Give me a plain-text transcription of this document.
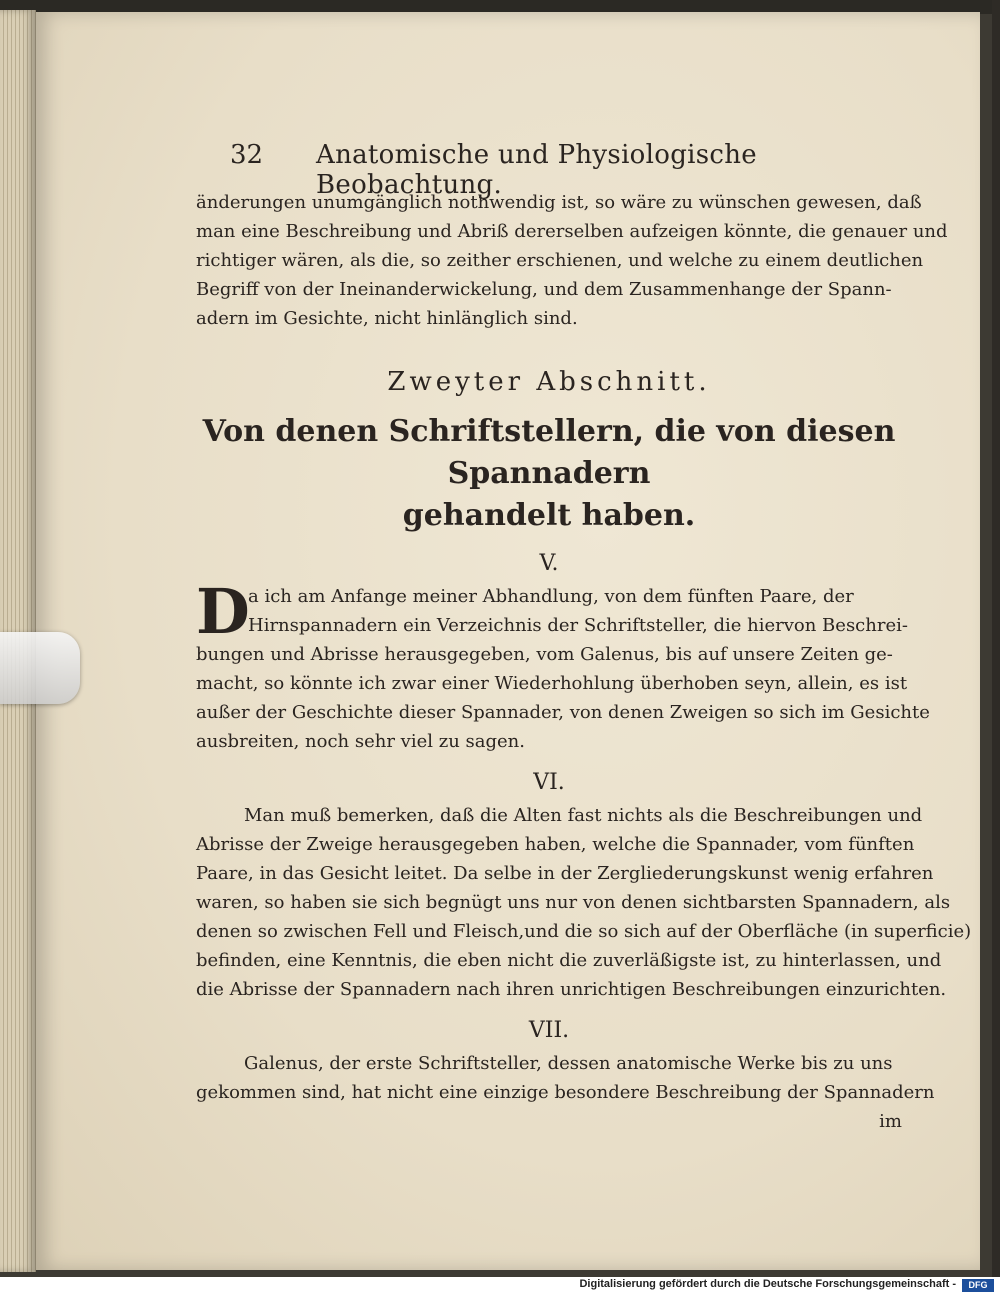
32 Anatomische und Physiologische Beobachtung.

änderungen unumgänglich nothwendig ist, so wäre zu wünschen gewesen, daß

man eine Beschreibung und Abriß dererselben aufzeigen könnte, die genauer und

richtiger wären, als die, so zeither erschienen, und welche zu einem deutlichen

Begriff von der Ineinanderwickelung, und dem Zusammenhange der Spann-

adern im Gesichte, nicht hinlänglich sind.

Zweyter Abschnitt.
Von denen Schriftstellern, die von diesen Spannadern
gehandelt haben.
V.
D

a ich am Anfange meiner Abhandlung, von dem fünften Paare, der

Hirnspannadern ein Verzeichnis der Schriftsteller, die hiervon Beschrei-

bungen und Abrisse herausgegeben, vom Galenus, bis auf unsere Zeiten ge-

macht, so könnte ich zwar einer Wiederhohlung überhoben seyn, allein, es ist

außer der Geschichte dieser Spannader, von denen Zweigen so sich im Gesichte

ausbreiten, noch sehr viel zu sagen.

VI.

Man muß bemerken, daß die Alten fast nichts als die Beschreibungen und

Abrisse der Zweige herausgegeben haben, welche die Spannader, vom fünften

Paare, in das Gesicht leitet. Da selbe in der Zergliederungskunst wenig erfahren

waren, so haben sie sich begnügt uns nur von denen sichtbarsten Spannadern, als

denen so zwischen Fell und Fleisch,und die so sich auf der Oberfläche (in superficie)

befinden, eine Kenntnis, die eben nicht die zuverläßigste ist, zu hinterlassen, und

die Abrisse der Spannadern nach ihren unrichtigen Beschreibungen einzurichten.

VII.

Galenus, der erste Schriftsteller, dessen anatomische Werke bis zu uns

gekommen sind, hat nicht eine einzige besondere Beschreibung der Spannadern

im
Digitalisierung gefördert durch die Deutsche Forschungsgemeinschaft -	DFG
